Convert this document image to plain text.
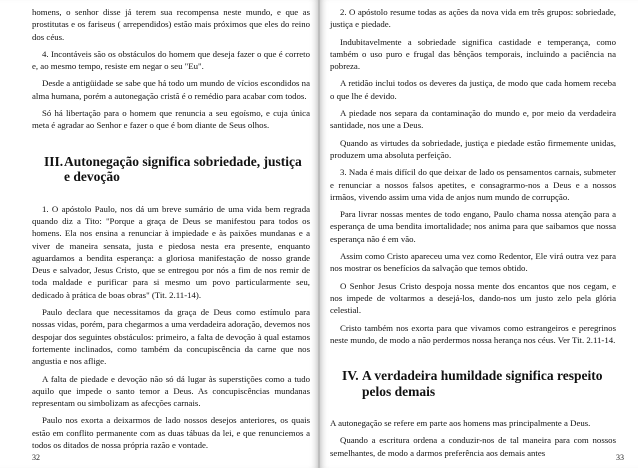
homens, o senhor disse já terem sua recompensa neste mundo, e que as prostitutas e os fariseus ( arrependidos) estão mais próximos que eles do reino dos céus.

4. Incontáveis são os obstáculos do homem que deseja fazer o que é correto e, ao mesmo tempo, resiste em negar o seu "Eu".

Desde a antigüidade se sabe que há todo um mundo de vícios escondidos na alma humana, porém a autonegação cristã é o remédio para acabar com todos.

Só há libertação para o homem que renuncia a seu egoísmo, e cuja única meta é agradar ao Senhor e fazer o que é bom diante de Seus olhos.

III. Autonegação significa sobriedade, justiça e devoção

1. O apóstolo Paulo, nos dá um breve sumário de uma vida bem regrada quando diz a Tito: "Porque a graça de Deus se manifestou para todos os homens. Ela nos ensina a renunciar à impiedade e às paixões mundanas e a viver de maneira sensata, justa e piedosa nesta era presente, enquanto aguardamos a bendita esperança: a gloriosa manifestação de nosso grande Deus e salvador, Jesus Cristo, que se entregou por nós a fim de nos remir de toda maldade e purificar para si mesmo um povo particularmente seu, dedicado à prática de boas obras" (Tit. 2.11-14).

Paulo declara que necessitamos da graça de Deus como estímulo para nossas vidas, porém, para chegarmos a uma verdadeira adoração, devemos nos despojar dos seguintes obstáculos: primeiro, a falta de devoção à qual estamos fortemente inclinados, como também da concupiscência da carne que nos angustia e nos aflige.

A falta de piedade e devoção não só dá lugar às superstições como a tudo aquilo que impede o santo temor a Deus. As concupiscências mundanas representam ou simbolizam as afecções carnais.

Paulo nos exorta a deixarmos de lado nossos desejos anteriores, os quais estão em conflito permanente com as duas tábuas da lei, e que renunciemos a todos os ditados de nossa própria razão e vontade.

32

2. O apóstolo resume todas as ações da nova vida em três grupos: sobriedade, justiça e piedade.

Indubitavelmente a sobriedade significa castidade e temperança, como também o uso puro e frugal das bênçãos temporais, incluindo a paciência na pobreza.

A retidão inclui todos os deveres da justiça, de modo que cada homem receba o que lhe é devido.

A piedade nos separa da contaminação do mundo e, por meio da verdadeira santidade, nos une a Deus.

Quando as virtudes da sobriedade, justiça e piedade estão firmemente unidas, produzem uma absoluta perfeição.

3. Nada é mais difícil do que deixar de lado os pensamentos carnais, submeter e renunciar a nossos falsos apetites, e consagrarmo-nos a Deus e a nossos irmãos, vivendo assim uma vida de anjos num mundo de corrupção.

Para livrar nossas mentes de todo engano, Paulo chama nossa atenção para a esperança de uma bendita imortalidade; nos anima para que saibamos que nossa esperança não é em vão.

Assim como Cristo apareceu uma vez como Redentor, Ele virá outra vez para nos mostrar os benefícios da salvação que temos obtido.

O Senhor Jesus Cristo despoja nossa mente dos encantos que nos cegam, e nos impede de voltarmos a desejá-los, dando-nos um justo zelo pela glória celestial.

Cristo também nos exorta para que vivamos como estrangeiros e peregrinos neste mundo, de modo a não perdermos nossa herança nos céus. Ver Tit. 2.11-14.

IV. A verdadeira humildade significa respeito pelos demais

A autonegação se refere em parte aos homens mas principalmente a Deus.

Quando a escritura ordena a conduzir-nos de tal maneira para com nossos semelhantes, de modo a darmos preferência aos demais antes	33
